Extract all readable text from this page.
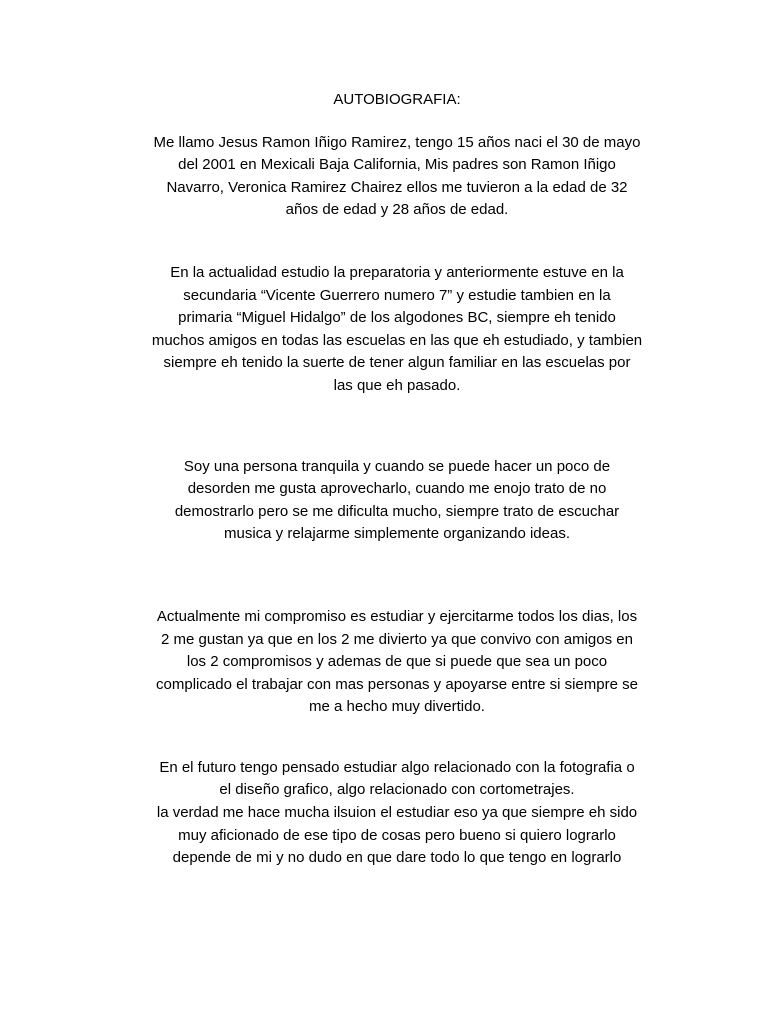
AUTOBIOGRAFIA:
Me llamo Jesus Ramon Iñigo Ramirez, tengo 15 años naci el 30 de mayo
del 2001 en Mexicali Baja California, Mis padres son Ramon Iñigo
Navarro, Veronica Ramirez Chairez ellos me tuvieron a la edad de 32
años de edad y 28 años de edad.
En la actualidad estudio la preparatoria y anteriormente estuve en la
secundaria “Vicente Guerrero numero 7” y estudie tambien en la
primaria “Miguel Hidalgo” de los algodones BC, siempre eh tenido
muchos amigos en todas las escuelas en las que eh estudiado, y tambien
siempre eh tenido la suerte de tener algun familiar en las escuelas por
las que eh pasado.
Soy una persona tranquila y cuando se puede hacer un poco de
desorden me gusta aprovecharlo, cuando me enojo trato de no
demostrarlo pero se me dificulta mucho, siempre trato de escuchar
musica y relajarme simplemente organizando ideas.
Actualmente mi compromiso es estudiar y ejercitarme todos los dias, los
2 me gustan ya que en los 2 me divierto ya que convivo con amigos en
los 2 compromisos y ademas de que si puede que sea un poco
complicado el trabajar con mas personas y apoyarse entre si siempre se
me a hecho muy divertido.
En el futuro tengo pensado estudiar algo relacionado con la fotografia o
el diseño grafico, algo relacionado con cortometrajes.
la verdad me hace mucha ilsuion el estudiar eso ya que siempre eh sido
muy aficionado de ese tipo de cosas pero bueno si quiero lograrlo
depende de mi y no dudo en que dare todo lo que tengo en lograrlo
